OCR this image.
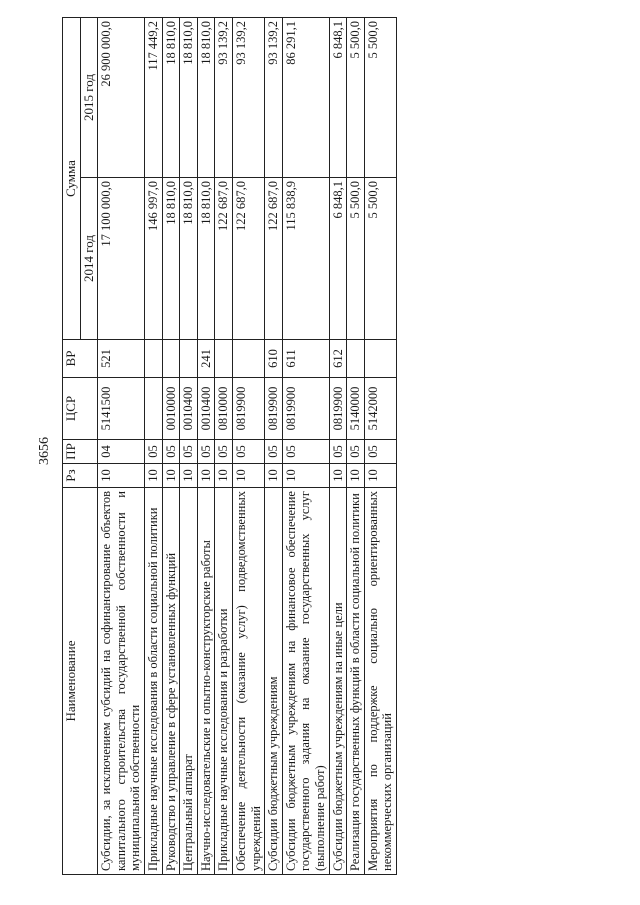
3656
Наименование	Рз	ПР	ЦСР	ВР	Сумма	
					2014 год	2015 год
Субсидии, за исключением субсидий на софинансирование объектов капитального строительства государственной собственности и муниципальной собственности	10	04	5141500	521	17 100 000,0	26 900 000,0
Прикладные научные исследования в области социальной политики	10	05			146 997,0	117 449,2
Руководство и управление в сфере установленных функций	10	05	0010000		18 810,0	18 810,0
Центральный аппарат	10	05	0010400		18 810,0	18 810,0
Научно-исследовательские и опытно-конструкторские работы	10	05	0010400	241	18 810,0	18 810,0
Прикладные научные исследования и разработки	10	05	0810000		122 687,0	93 139,2
Обеспечение деятельности (оказание услуг) подведомственных учреждений	10	05	0819900		122 687,0	93 139,2
Субсидии бюджетным учреждениям	10	05	0819900	610	122 687,0	93 139,2
Субсидии бюджетным учреждениям на финансовое обеспечение государственного задания на оказание государственных услуг (выполнение работ)	10	05	0819900	611	115 838,9	86 291,1
Субсидии бюджетным учреждениям на иные цели	10	05	0819900	612	6 848,1	6 848,1
Реализация государственных функций в области социальной политики	10	05	5140000		5 500,0	5 500,0
Мероприятия по поддержке социально ориентированных некоммерческих организаций	10	05	5142000		5 500,0	5 500,0
